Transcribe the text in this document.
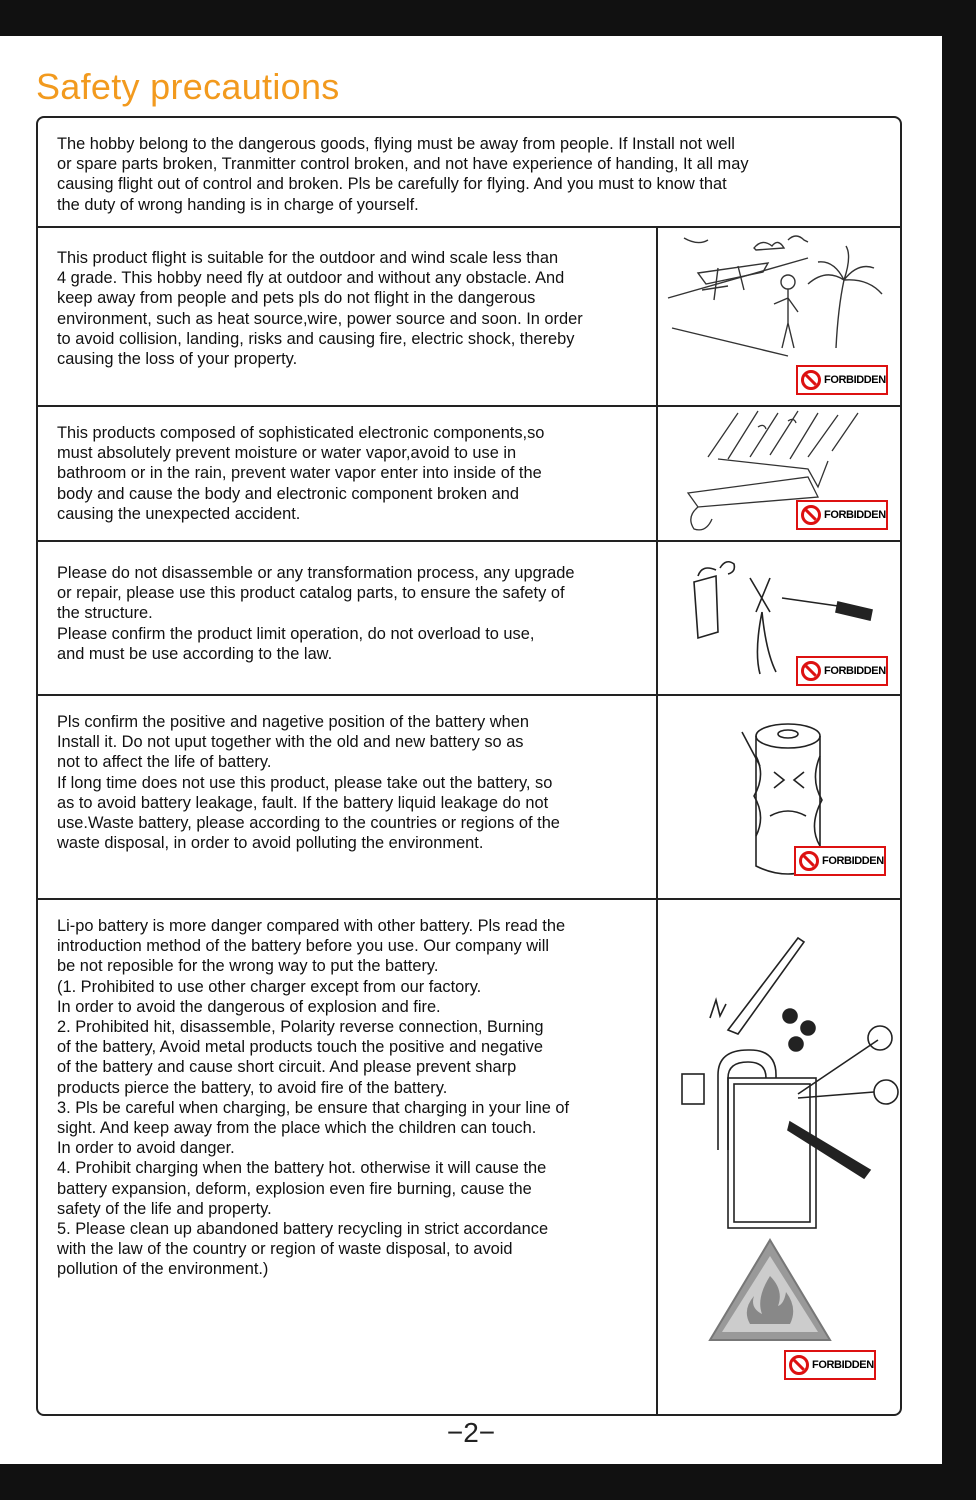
Safety precautions
The hobby belong to the dangerous goods, flying must be away from people. If Install not well
or spare parts broken, Tranmitter control broken, and not have experience of handing, It all may
causing flight out of control and broken. Pls be carefully for flying. And you must to know that
the duty of wrong handing is in charge of yourself.
This product flight is suitable for the outdoor and wind scale less than
4 grade. This hobby need fly at outdoor and without any obstacle. And
keep away from people and pets pls do not flight in the dangerous
environment, such as heat source,wire, power source and soon. In order
to avoid collision, landing, risks and causing fire, electric shock, thereby
causing the loss of your property.
FORBIDDEN
This products composed of sophisticated electronic components,so
must absolutely prevent moisture or water vapor,avoid to use in
bathroom or in the rain, prevent water vapor enter into inside of the
body and cause the body and electronic component broken and
causing the unexpected accident.	FORBIDDEN
Please do not disassemble or any transformation process, any upgrade
or repair, please use this product catalog parts, to ensure the safety of
the structure.
Please confirm the product limit operation, do not overload to use,
and must be use according to the law.
FORBIDDEN
Pls confirm the positive and nagetive position of the battery when
Install it. Do not uput together with the old and new battery so as
not to affect the life of battery.
If long time does not use this product, please take out the battery, so
as to avoid battery leakage, fault. If the battery liquid leakage do not
use.Waste battery, please according to the countries or regions of the
waste disposal, in order to avoid polluting the environment.
FORBIDDEN
Li-po battery is more danger compared with other battery. Pls read the
introduction method of the battery before you use. Our company will
be not reposible for the wrong way to put the battery.
(1. Prohibited to use other charger except from our factory.
In order to avoid the dangerous of explosion and fire.
2. Prohibited hit, disassemble, Polarity reverse connection, Burning
of the battery, Avoid metal products touch the positive and negative
of the battery and cause short circuit. And please prevent sharp
products pierce the battery, to avoid fire of the battery.
3. Pls be careful when charging, be ensure that charging in your line of
sight. And keep away from the place which the children can touch.
In order to avoid danger.
4. Prohibit charging when the battery hot. otherwise it will cause the
battery expansion, deform, explosion even fire burning, cause the
safety of the life and property.
5. Please clean up abandoned battery recycling in strict accordance
with the law of the country or region of waste disposal, to avoid
pollution of the environment.)
FORBIDDEN
−2−
